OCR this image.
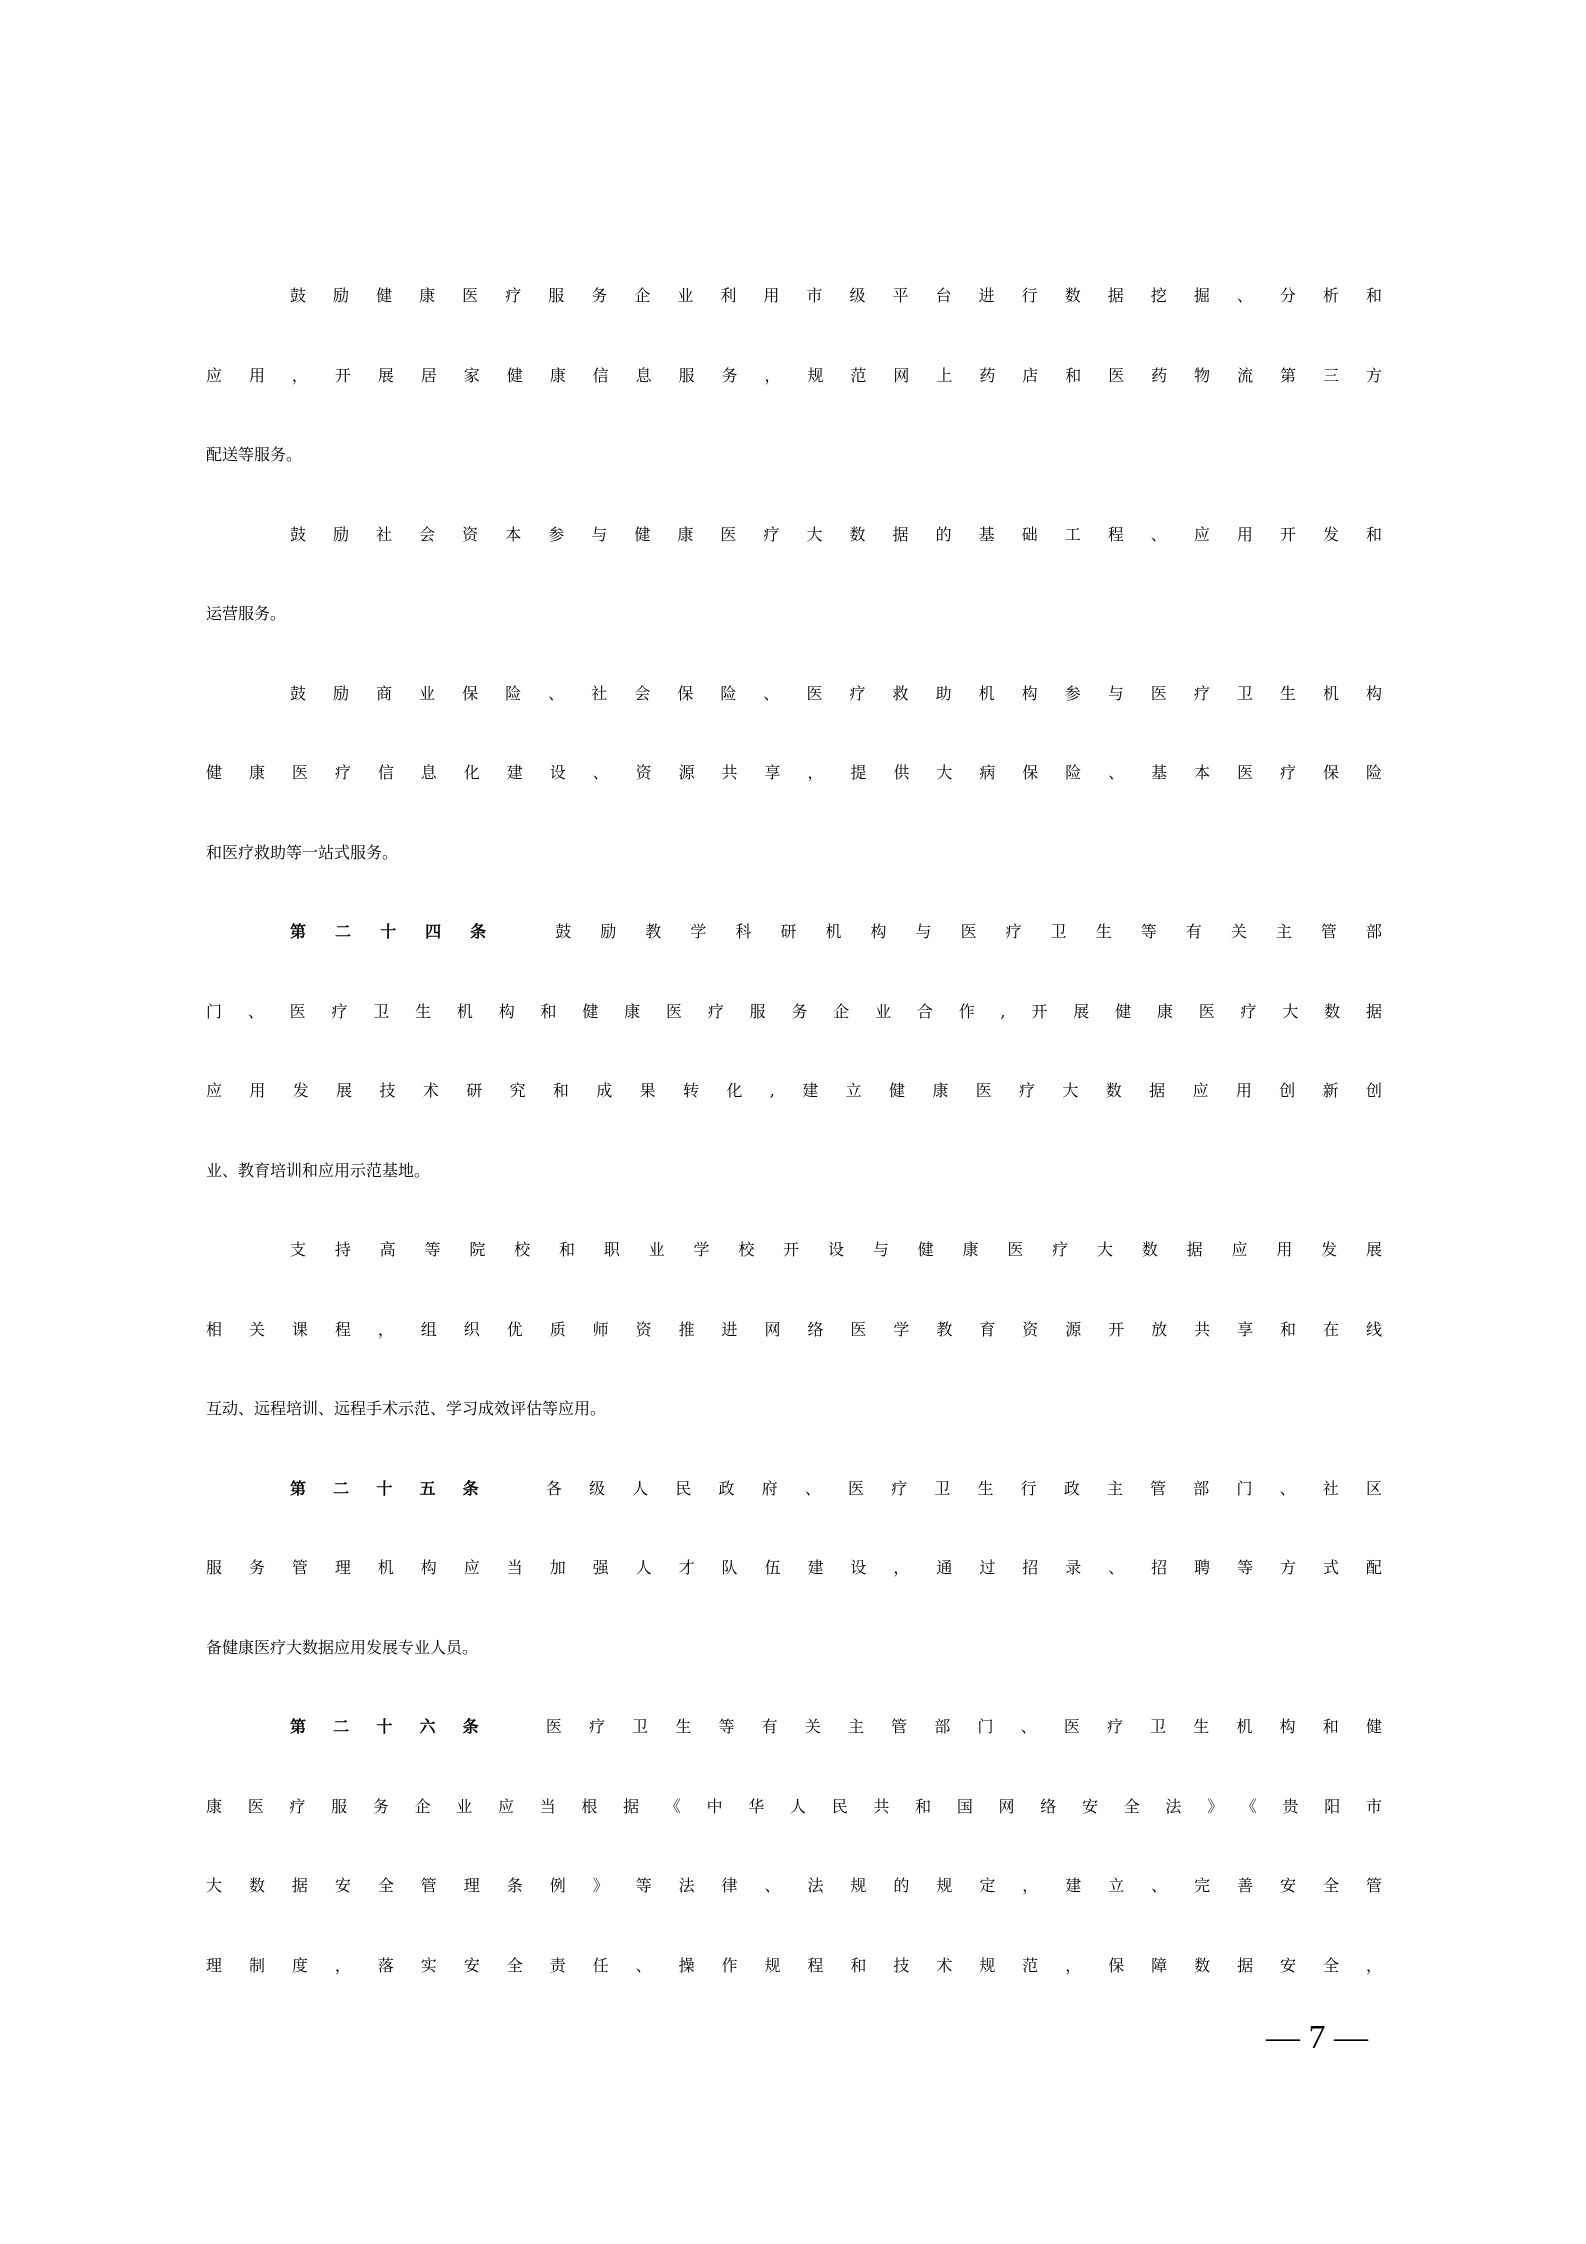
鼓励健康医疗服务企业利用市级平台进行数据挖掘、分析和
应用，开展居家健康信息服务，规范网上药店和医药物流第三方
配送等服务。
鼓励社会资本参与健康医疗大数据的基础工程、应用开发和
运营服务。
鼓励商业保险、社会保险、医疗救助机构参与医疗卫生机构
健康医疗信息化建设、资源共享，提供大病保险、基本医疗保险
和医疗救助等一站式服务。
第二十四条	鼓励教学科研机构与医疗卫生等有关主管部
门、医疗卫生机构和健康医疗服务企业合作,开展健康医疗大数据
应用发展技术研究和成果转化,建立健康医疗大数据应用创新创
业、教育培训和应用示范基地。
支持高等院校和职业学校开设与健康医疗大数据应用发展
相关课程，组织优质师资推进网络医学教育资源开放共享和在线
互动、远程培训、远程手术示范、学习成效评估等应用。
第二十五条	各级人民政府、医疗卫生行政主管部门、社区
服务管理机构应当加强人才队伍建设，通过招录、招聘等方式配
备健康医疗大数据应用发展专业人员。
第二十六条	医疗卫生等有关主管部门、医疗卫生机构和健
康医疗服务企业应当根据《中华人民共和国网络安全法》《贵阳市
大数据安全管理条例》等法律、法规的规定，建立、完善安全管
理制度，落实安全责任、操作规程和技术规范，保障数据安全，
— 7 —
